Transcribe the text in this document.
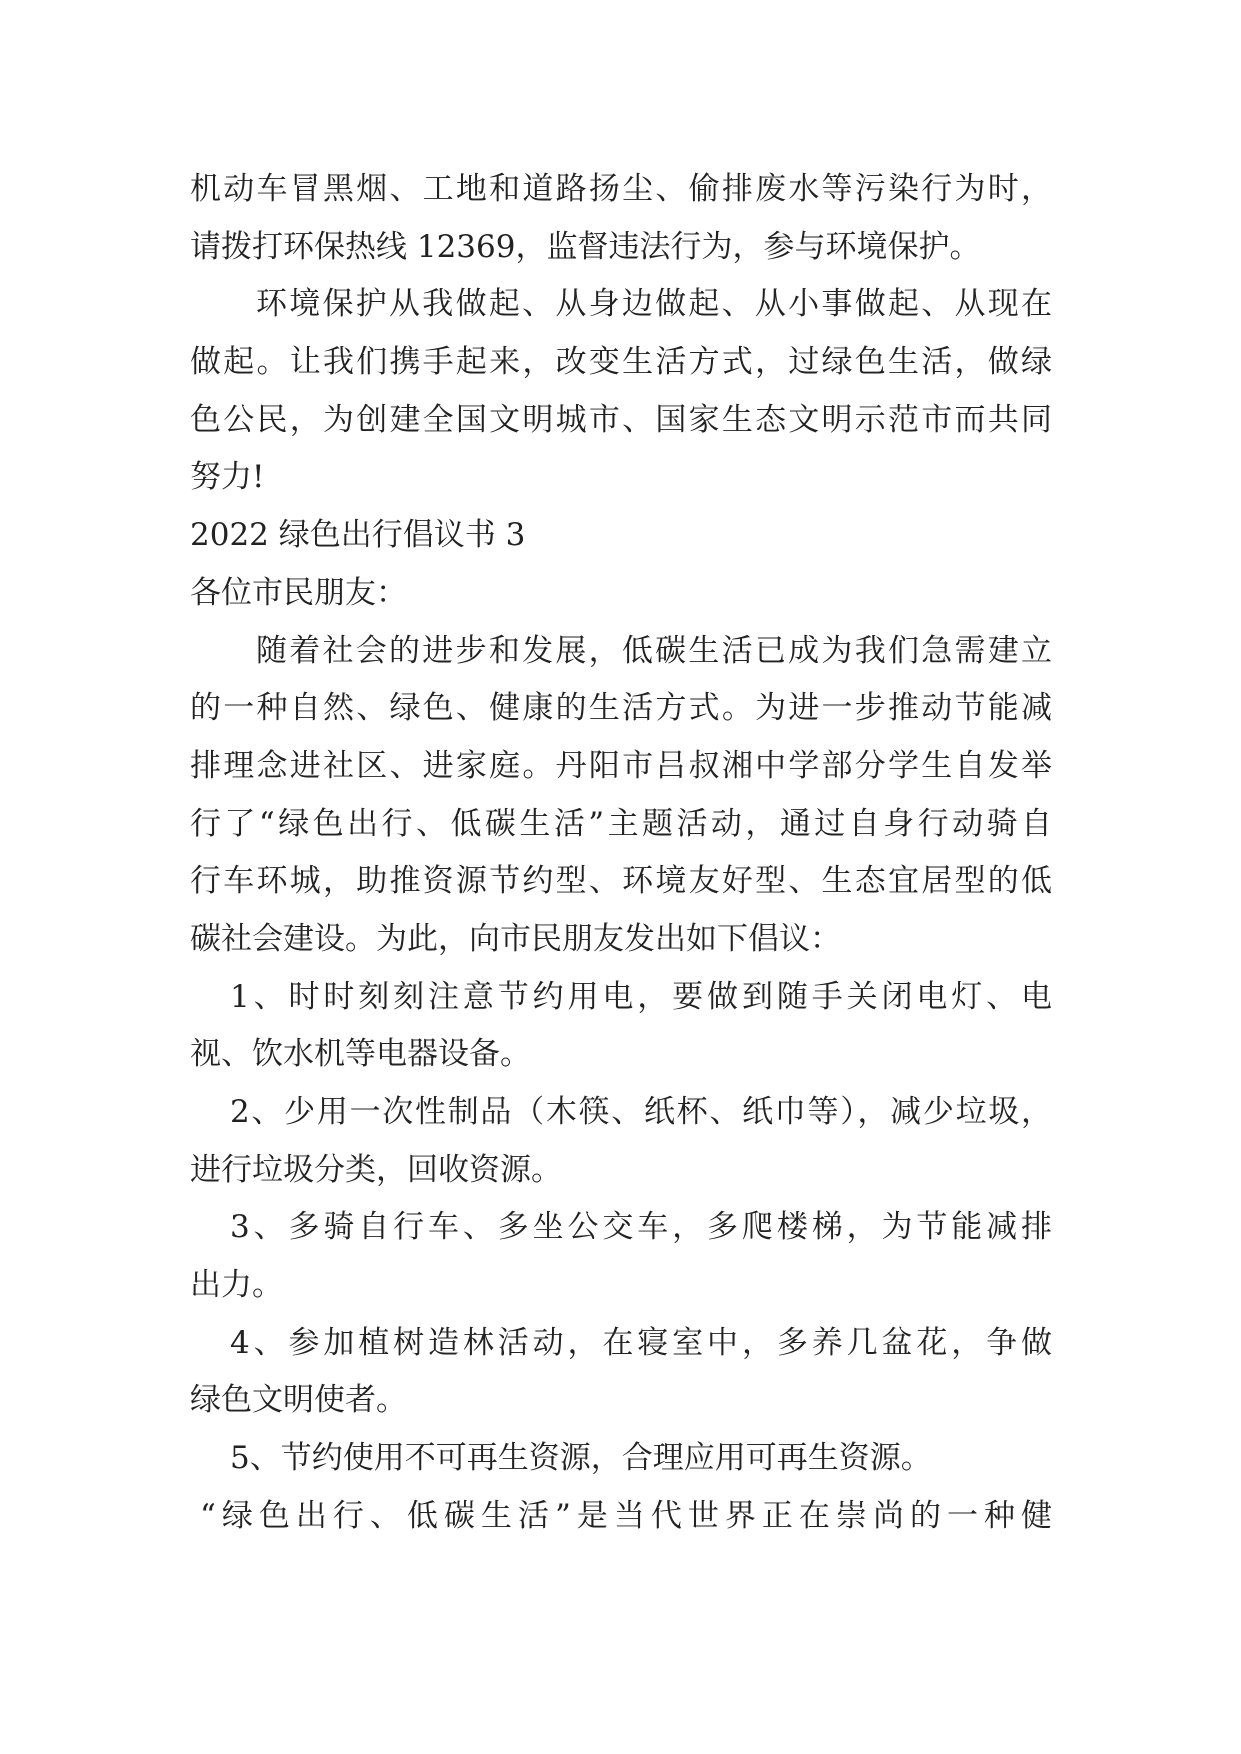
机动车冒黑烟、工地和道路扬尘、偷排废水等污染行为时，
请拨打环保热线 12369，监督违法行为，参与环境保护。
环境保护从我做起、从身边做起、从小事做起、从现在
做起。让我们携手起来，改变生活方式，过绿色生活，做绿
色公民，为创建全国文明城市、国家生态文明示范市而共同
努力!
2022 绿色出行倡议书 3
各位市民朋友：
随着社会的进步和发展，低碳生活已成为我们急需建立
的一种自然、绿色、健康的生活方式。为进一步推动节能减
排理念进社区、进家庭。丹阳市吕叔湘中学部分学生自发举
行了“绿色出行、低碳生活”主题活动，通过自身行动骑自
行车环城，助推资源节约型、环境友好型、生态宜居型的低
碳社会建设。为此，向市民朋友发出如下倡议：
1、时时刻刻注意节约用电，要做到随手关闭电灯、电
视、饮水机等电器设备。
2、少用一次性制品（木筷、纸杯、纸巾等），减少垃圾，
进行垃圾分类，回收资源。
3、多骑自行车、多坐公交车，多爬楼梯，为节能减排
出力。
4、参加植树造林活动，在寝室中，多养几盆花，争做
绿色文明使者。
5、节约使用不可再生资源，合理应用可再生资源。
“绿色出行、低碳生活”是当代世界正在崇尚的一种健
